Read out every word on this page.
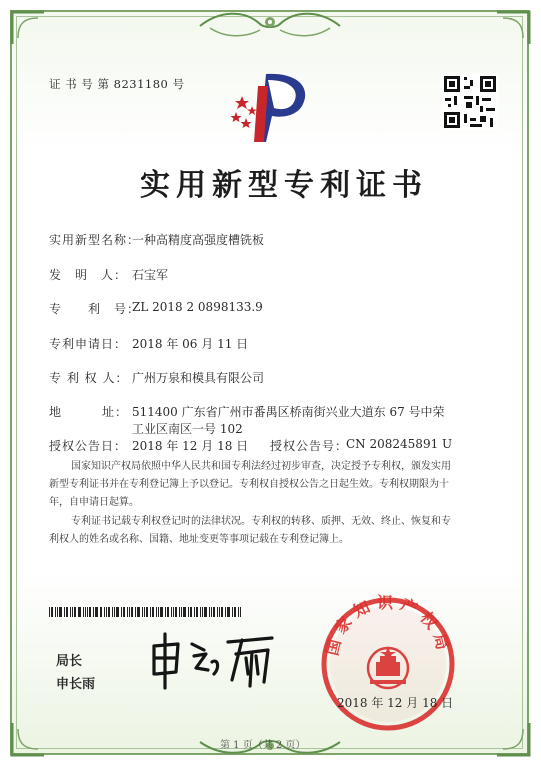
证 书 号 第 8231180 号
实用新型专利证书
实用新型名称：
一种高精度高强度槽铣板
发　明　人： 石宝军
专　　利　号：
ZL 2018 2 0898133.9
专利申请日： 2018 年 06 月 11 日
专 利 权 人： 广州万泉和模具有限公司
地	址： 511400 广东省广州市番禺区桥南街兴业大道东 67 号中荣
工业区南区一号 102
授权公告日： 2018 年 12 月 18 日 授权公告号：
CN 208245891 U
国家知识产权局依照中华人民共和国专利法经过初步审查，决定授予专利权，颁发实用
新型专利证书并在专利登记簿上予以登记。专利权自授权公告之日起生效。专利权期限为十
年，自申请日起算。
专利证书记载专利权登记时的法律状况。专利权的转移、质押、无效、终止、恢复和专
利权人的姓名或名称、国籍、地址变更等事项记载在专利登记簿上。
局长
申长雨
国家知识产权局
2018 年 12 月 18 日
第 1 页（共 2 页）
